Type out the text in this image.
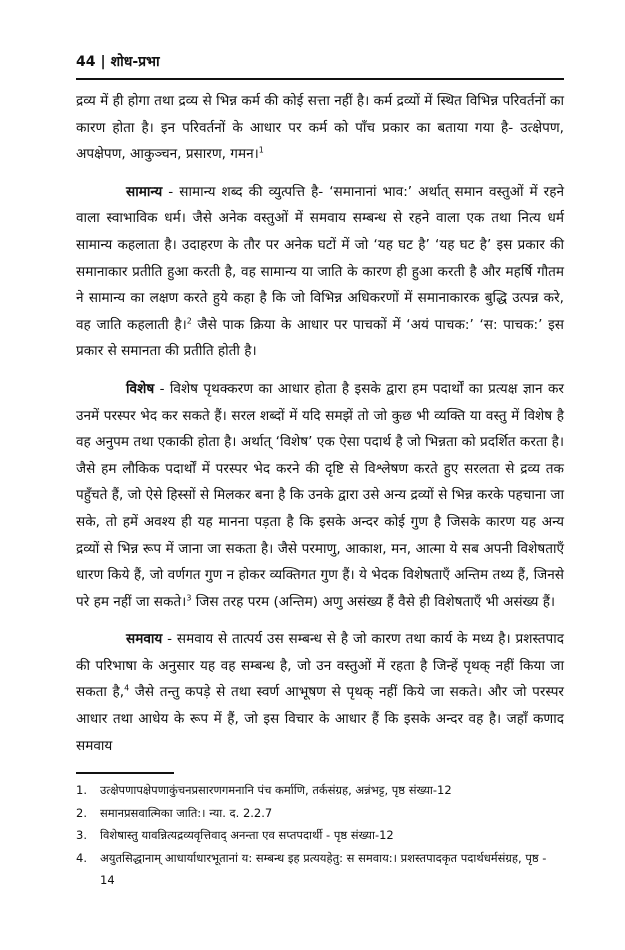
44 | शोध-प्रभा

द्रव्य में ही होगा तथा द्रव्य से भिन्न कर्म की कोई सत्ता नहीं है। कर्म द्रव्यों में स्थित विभिन्न परिवर्तनों का कारण होता है। इन परिवर्तनों के आधार पर कर्म को पाँच प्रकार का बताया गया है- उत्क्षेपण, अपक्षेपण, आकुञ्चन, प्रसारण, गमन।$^1$

सामान्य - सामान्य शब्द की व्युत्पत्ति है- ‘समानानां भाव:’ अर्थात् समान वस्तुओं में रहने वाला स्वाभाविक धर्म। जैसे अनेक वस्तुओं में समवाय सम्बन्ध से रहने वाला एक तथा नित्य धर्म सामान्य कहलाता है। उदाहरण के तौर पर अनेक घटों में जो ‘यह घट है’ ‘यह घट है’ इस प्रकार की समानाकार प्रतीति हुआ करती है, वह सामान्य या जाति के कारण ही हुआ करती है और महर्षि गौतम ने सामान्य का लक्षण करते हुये कहा है कि जो विभिन्न अधिकरणों में समानाकारक बुद्धि उत्पन्न करे, वह जाति कहलाती है।$^2$ जैसे पाक क्रिया के आधार पर पाचकों में ‘अयं पाचक:’ ‘स: पाचक:’ इस प्रकार से समानता की प्रतीति होती है।

विशेष - विशेष पृथक्करण का आधार होता है इसके द्वारा हम पदार्थों का प्रत्यक्ष ज्ञान कर उनमें परस्पर भेद कर सकते हैं। सरल शब्दों में यदि समझें तो जो कुछ भी व्यक्ति या वस्तु में विशेष है वह अनुपम तथा एकाकी होता है। अर्थात् ‘विशेष’ एक ऐसा पदार्थ है जो भिन्नता को प्रदर्शित करता है। जैसे हम लौकिक पदार्थों में परस्पर भेद करने की दृष्टि से विश्लेषण करते हुए सरलता से द्रव्य तक पहुँचते हैं, जो ऐसे हिस्सों से मिलकर बना है कि उनके द्वारा उसे अन्य द्रव्यों से भिन्न करके पहचाना जा सके, तो हमें अवश्य ही यह मानना पड़ता है कि इसके अन्दर कोई गुण है जिसके कारण यह अन्य द्रव्यों से भिन्न रूप में जाना जा सकता है। जैसे परमाणु, आकाश, मन, आत्मा ये सब अपनी विशेषताएँ धारण किये हैं, जो वर्णगत गुण न होकर व्यक्तिगत गुण हैं। ये भेदक विशेषताएँ अन्तिम तथ्य हैं, जिनसे परे हम नहीं जा सकते।$^3$ जिस तरह परम (अन्तिम) अणु असंख्य हैं वैसे ही विशेषताएँ भी असंख्य हैं।

समवाय - समवाय से तात्पर्य उस सम्बन्ध से है जो कारण तथा कार्य के मध्य है। प्रशस्तपाद की परिभाषा के अनुसार यह वह सम्बन्ध है, जो उन वस्तुओं में रहता है जिन्हें पृथक् नहीं किया जा सकता है,$^4$ जैसे तन्तु कपड़े से तथा स्वर्ण आभूषण से पृथक् नहीं किये जा सकते। और जो परस्पर आधार तथा आधेय के रूप में हैं, जो इस विचार के आधार हैं कि इसके अन्दर वह है। जहाँ कणाद समवाय

1.	उत्क्षेपणापक्षेपणाकुंचनप्रसारणगमनानि पंच कर्माणि, तर्कसंग्रह, अन्नंभट्ट, पृष्ठ संख्या-12
2.	समानप्रसवात्मिका जाति:। न्या. द. 2.2.7
3.	विशेषास्तु यावन्नित्यद्रव्यवृत्तिवाद् अनन्ता एव सप्तपदार्थी - पृष्ठ संख्या-12
4.	अयुतसिद्धानाम् आधार्याधारभूतानां य: सम्बन्ध इह प्रत्ययहेतु: स समवाय:। प्रशस्तपादकृत पदार्थधर्मसंग्रह, पृष्ठ - 14
